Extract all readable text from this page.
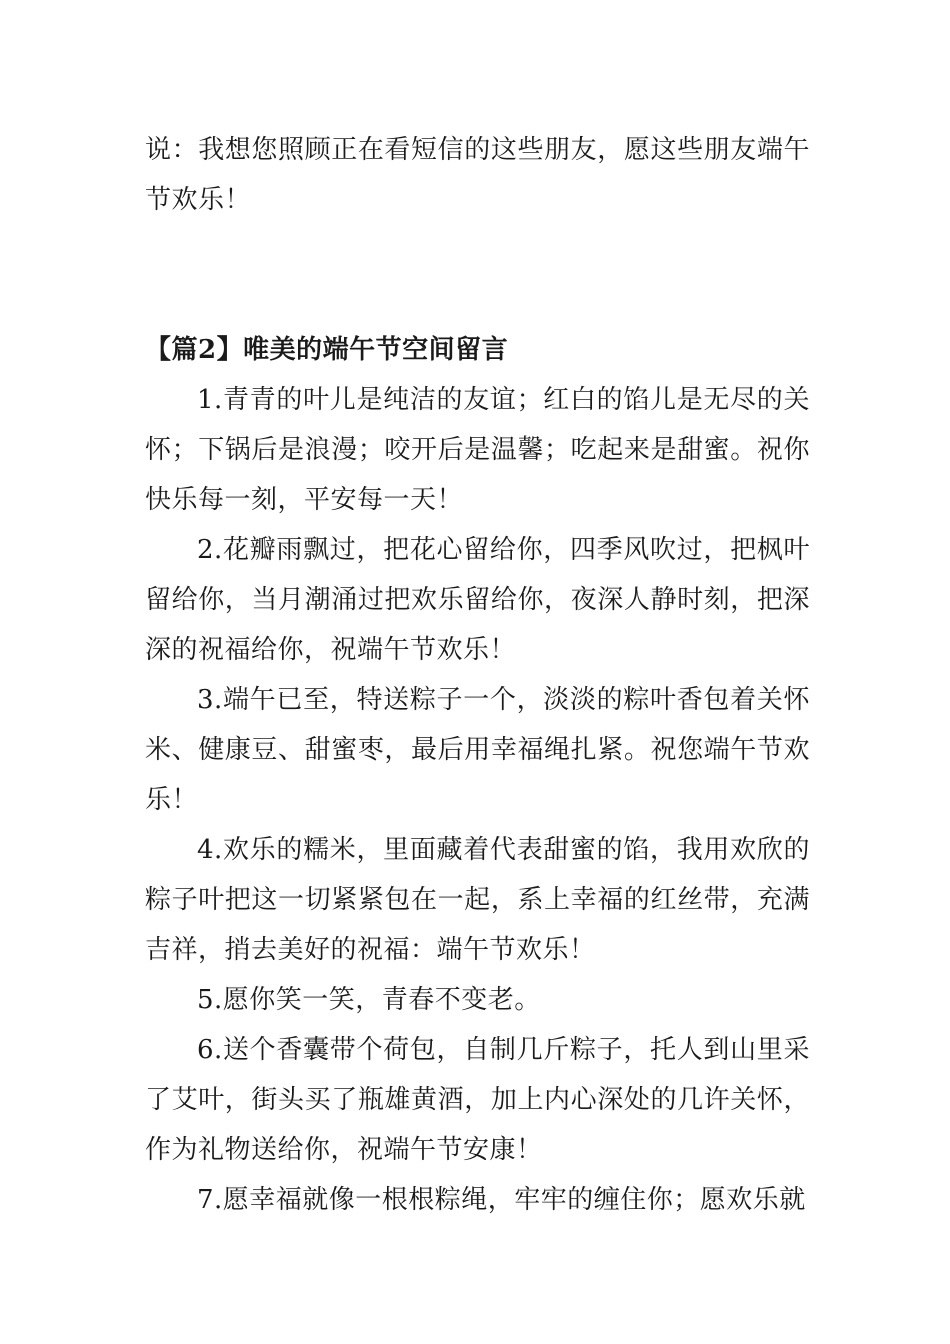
说：我想您照顾正在看短信的这些朋友，愿这些朋友端午节欢乐！

【篇2】唯美的端午节空间留言

1.青青的叶儿是纯洁的友谊；红白的馅儿是无尽的关怀；下锅后是浪漫；咬开后是温馨；吃起来是甜蜜。祝你快乐每一刻，平安每一天！

2.花瓣雨飘过，把花心留给你，四季风吹过，把枫叶留给你，当月潮涌过把欢乐留给你，夜深人静时刻，把深深的祝福给你，祝端午节欢乐！

3.端午已至，特送粽子一个，淡淡的粽叶香包着关怀米、健康豆、甜蜜枣，最后用幸福绳扎紧。祝您端午节欢乐！

4.欢乐的糯米，里面藏着代表甜蜜的馅，我用欢欣的粽子叶把这一切紧紧包在一起，系上幸福的红丝带，充满吉祥，捎去美好的祝福：端午节欢乐！

5.愿你笑一笑，青春不变老。

6.送个香囊带个荷包，自制几斤粽子，托人到山里采了艾叶，街头买了瓶雄黄酒，加上内心深处的几许关怀，作为礼物送给你，祝端午节安康！

7.愿幸福就像一根根粽绳，牢牢的缠住你；愿欢乐就
